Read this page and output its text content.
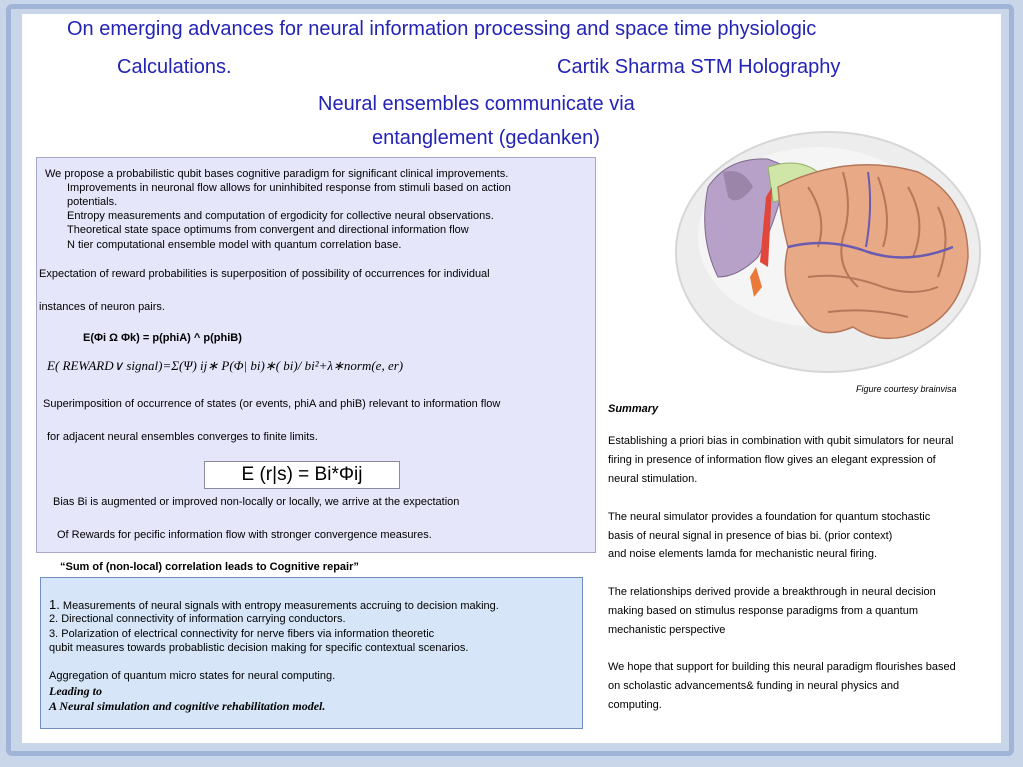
On emerging advances for neural information processing and space time physiologic
Calculations.	Cartik Sharma STM Holography
Neural ensembles communicate via
entanglement (gedanken)
We propose a probabilistic qubit bases cognitive paradigm for significant clinical improvements.
Improvements in neuronal flow allows for uninhibited response from stimuli based on action
potentials.
Entropy measurements and computation of ergodicity for collective neural observations.
Theoretical state space optimums from convergent and directional information flow
N tier computational ensemble model with quantum correlation base.
Expectation of reward probabilities is superposition of possibility of occurrences for individual
instances of neuron pairs.
E(Φi Ω Φk) = p(phiA) ^ p(phiB)
E( REWARD∨ signal)=Σ(Ψ) ij∗ P(Φ| bi)∗( bi)/ bi²+λ∗norm(e, er)
Superimposition of occurrence of states (or events, phiA and phiB) relevant to information flow
for adjacent neural ensembles converges to finite limits.
Bias Bi is augmented or improved non-locally or locally, we arrive at the expectation
Of Rewards for pecific information flow with stronger convergence measures.
E (r|s) = Bi*Φij
“Sum of (non-local) correlation leads to Cognitive repair”
1. Measurements of neural signals with entropy measurements accruing to decision making.
2. Directional connectivity of information carrying conductors.
3. Polarization of electrical connectivity for nerve fibers via information theoretic
qubit measures towards probablistic decision making for specific contextual scenarios.
Aggregation of quantum micro states for neural computing.
Leading to
A Neural simulation and cognitive rehabilitation model.
Figure courtesy brainvisa
Summary
Establishing a priori bias in combination with qubit simulators for neural
firing in presence of information flow gives an elegant expression of
neural stimulation.
The neural simulator provides a foundation for quantum stochastic
basis of neural signal in presence of bias bi. (prior context)
and noise elements lamda for mechanistic neural firing.
The relationships derived provide a breakthrough in neural decision
making based on stimulus response paradigms from a quantum
mechanistic perspective
We hope that support for building this neural paradigm flourishes based
on scholastic advancements& funding in neural physics and
computing.
